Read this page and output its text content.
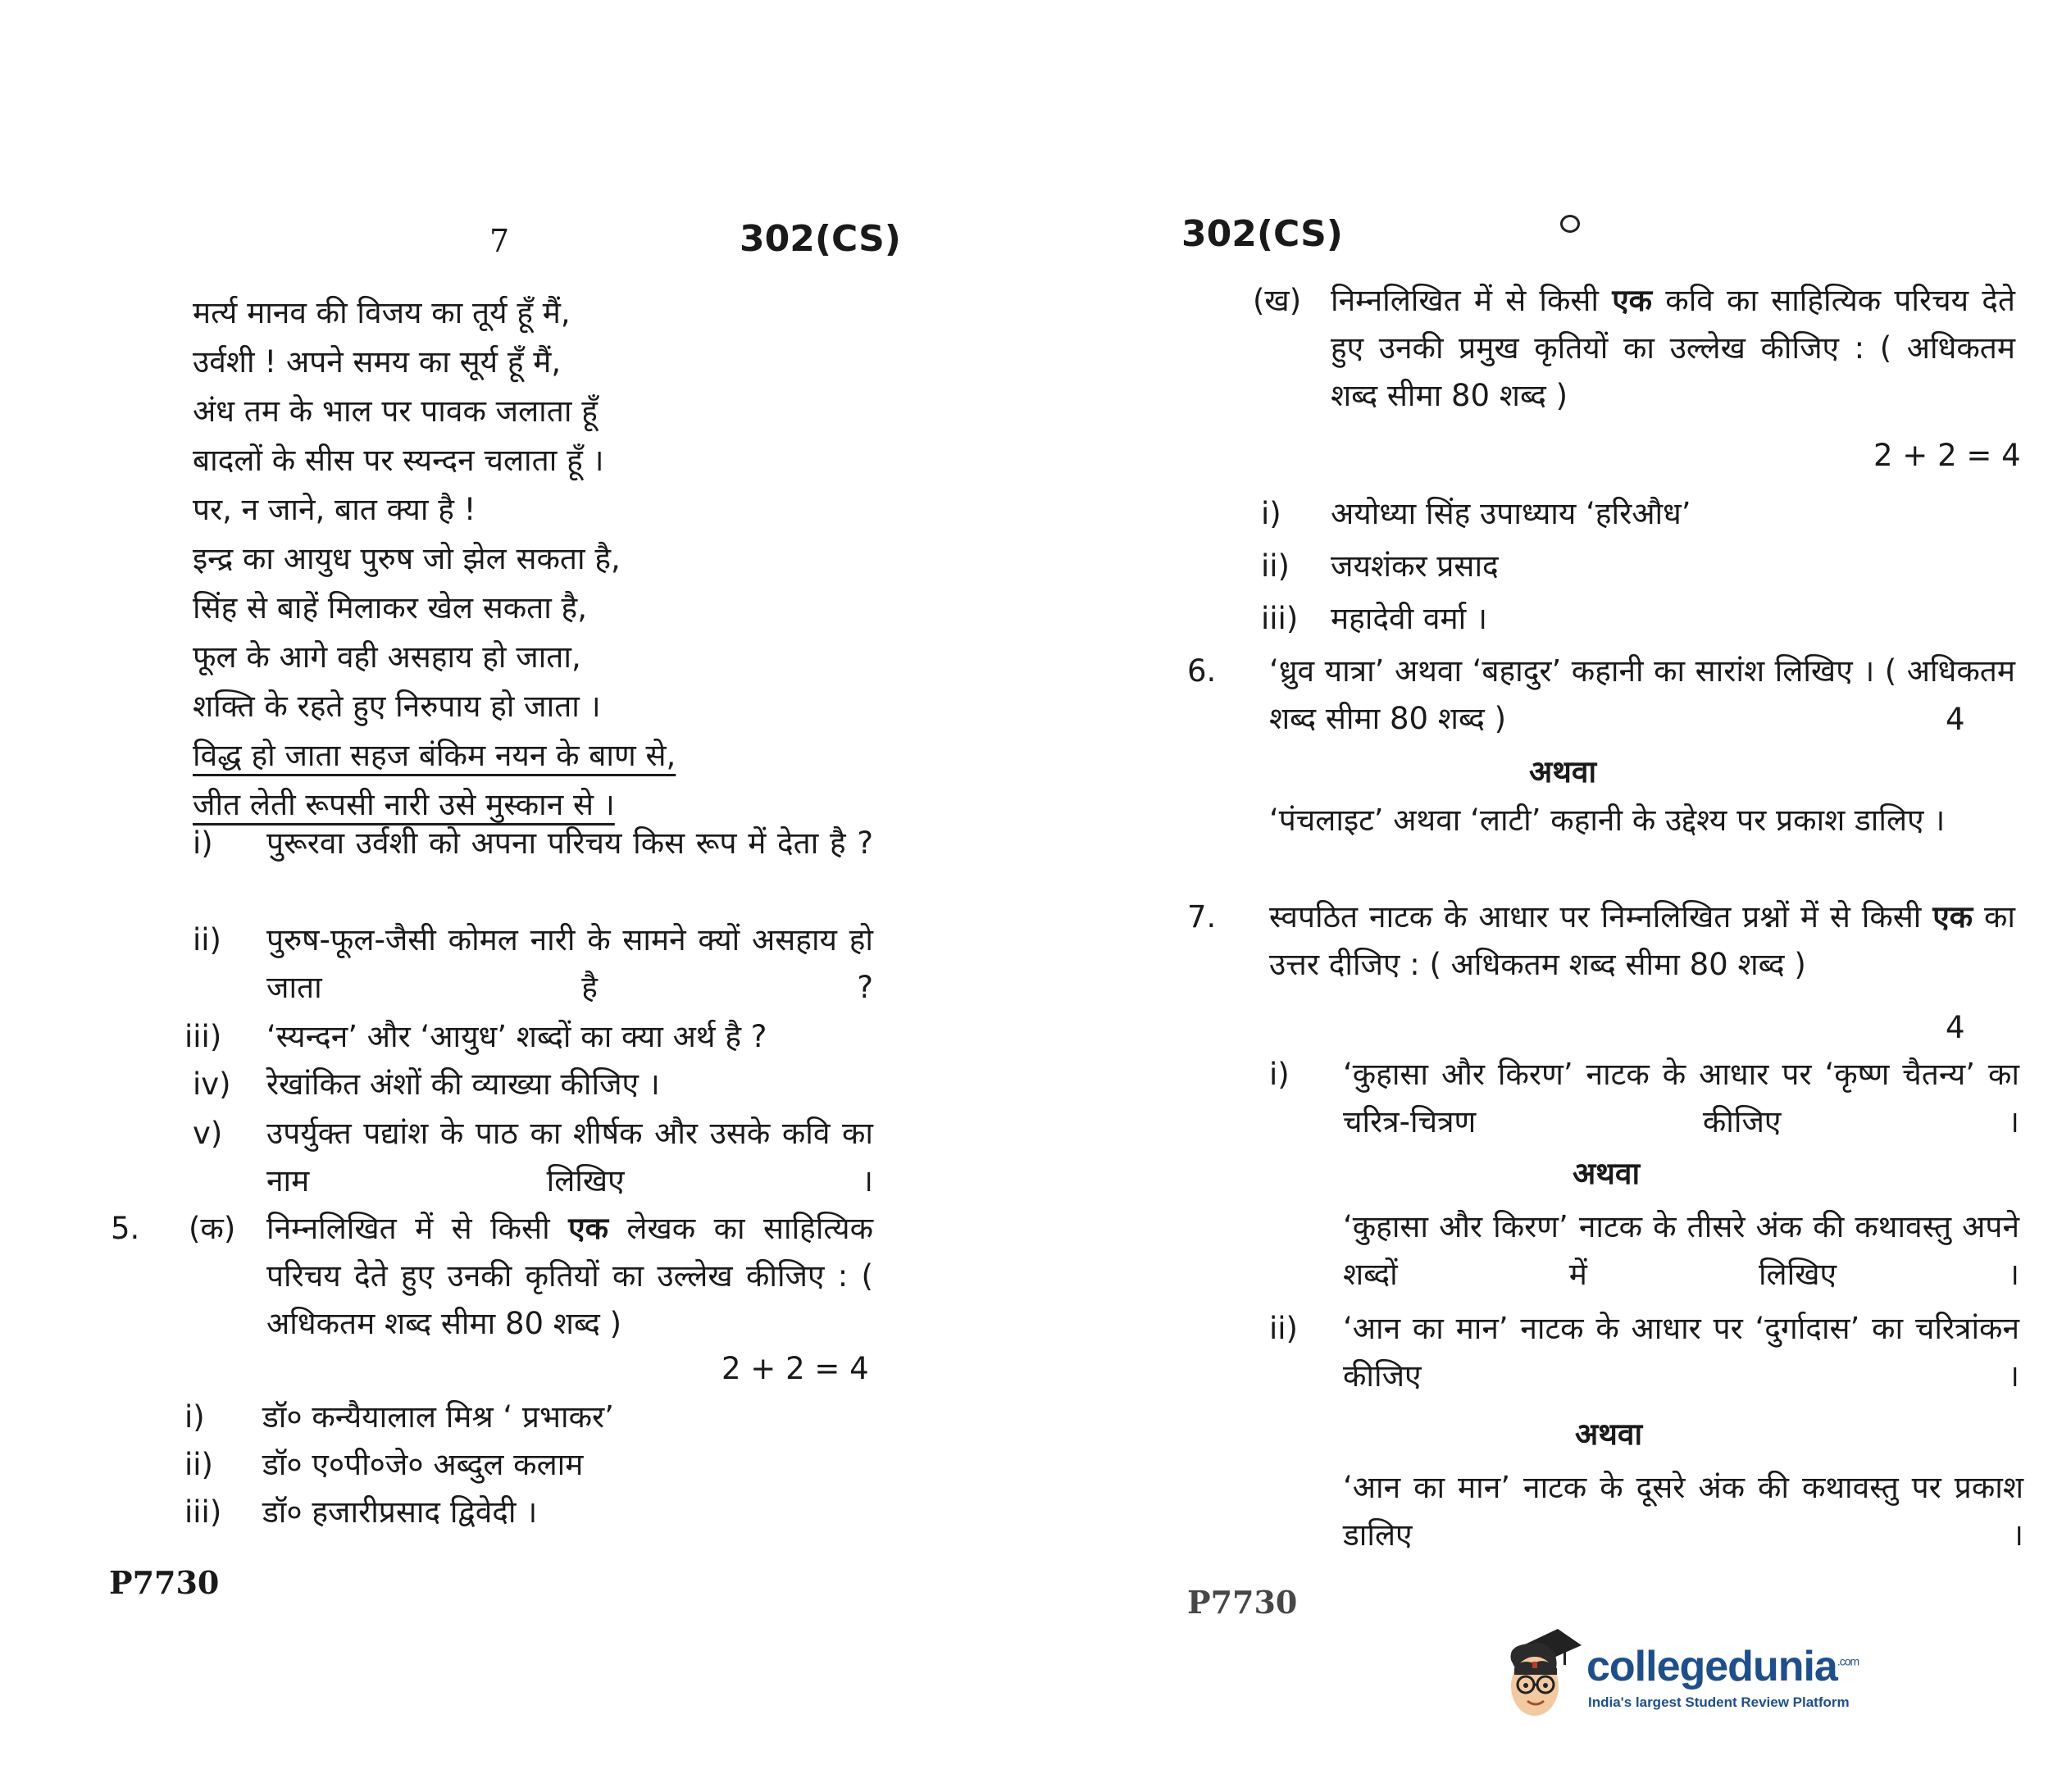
7	302(CS)
मर्त्य मानव की विजय का तूर्य हूँ मैं,
उर्वशी ! अपने समय का सूर्य हूँ मैं,
अंध तम के भाल पर पावक जलाता हूँ
बादलों के सीस पर स्यन्दन चलाता हूँ ।
पर, न जाने, बात क्या है !
इन्द्र का आयुध पुरुष जो झेल सकता है,
सिंह से बाहें मिलाकर खेल सकता है,
फूल के आगे वही असहाय हो जाता,
शक्ति के रहते हुए निरुपाय हो जाता ।
विद्ध हो जाता सहज बंकिम नयन के बाण से,
जीत लेती रूपसी नारी उसे मुस्कान से ।
i) पुरूरवा उर्वशी को अपना परिचय किस रूप में देता है ?
ii) पुरुष-फूल-जैसी कोमल नारी के सामने क्यों असहाय हो जाता है ?
iii) ‘स्यन्दन’ और ‘आयुध’ शब्दों का क्या अर्थ है ?
iv) रेखांकित अंशों की व्याख्या कीजिए ।
v) उपर्युक्त पद्यांश के पाठ का शीर्षक और उसके कवि का नाम लिखिए ।
5. (क) निम्नलिखित में से किसी एक लेखक का साहित्यिक परिचय देते हुए उनकी कृतियों का उल्लेख कीजिए : ( अधिकतम शब्द सीमा 80 शब्द )
2 + 2 = 4
i) डॉ० कन्यैयालाल मिश्र ‘ प्रभाकर’
ii) डॉ० ए०पी०जे० अब्दुल कलाम
iii) डॉ० हजारीप्रसाद द्विवेदी ।
P7730
302(CS)
(ख) निम्नलिखित में से किसी एक कवि का साहित्यिक परिचय देते हुए उनकी प्रमुख कृतियों का उल्लेख कीजिए : ( अधिकतम शब्द सीमा 80 शब्द )
2 + 2 = 4
i) अयोध्या सिंह उपाध्याय ‘हरिऔध’
ii) जयशंकर प्रसाद
iii) महादेवी वर्मा ।
6. ‘ध्रुव यात्रा’ अथवा ‘बहादुर’ कहानी का सारांश लिखिए । ( अधिकतम शब्द सीमा 80 शब्द )	4
अथवा
‘पंचलाइट’ अथवा ‘लाटी’ कहानी के उद्देश्य पर प्रकाश डालिए ।
7. स्वपठित नाटक के आधार पर निम्नलिखित प्रश्नों में से किसी एक का उत्तर दीजिए : ( अधिकतम शब्द सीमा 80 शब्द )
4
i) ‘कुहासा और किरण’ नाटक के आधार पर ‘कृष्ण चैतन्य’ का चरित्र-चित्रण कीजिए ।
अथवा
‘कुहासा और किरण’ नाटक के तीसरे अंक की कथावस्तु अपने शब्दों में लिखिए ।
ii) ‘आन का मान’ नाटक के आधार पर ‘दुर्गादास’ का चरित्रांकन कीजिए ।
अथवा
‘आन का मान’ नाटक के दूसरे अंक की कथावस्तु पर प्रकाश डालिए ।
P7730
collegedunia$^{.com}$
India's largest Student Review Platform
